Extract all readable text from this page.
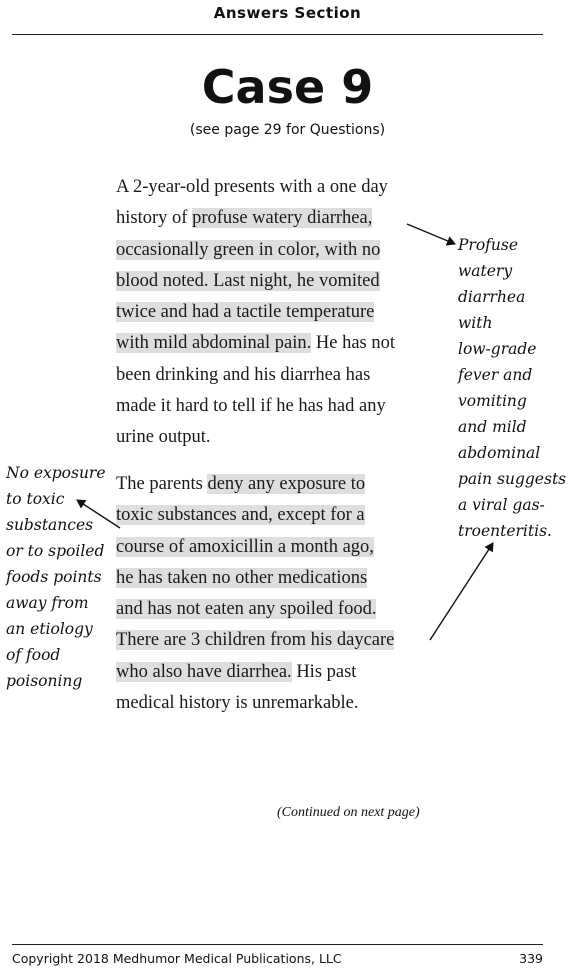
Answers Section
Case 9
(see page 29 for Questions)
A 2-year-old presents with a one day
history of profuse watery diarrhea,
occasionally green in color, with no
blood noted. Last night, he vomited
twice and had a tactile temperature
with mild abdominal pain. He has not
been drinking and his diarrhea has
made it hard to tell if he has had any
urine output.
The parents deny any exposure to
toxic substances and, except for a
course of amoxicillin a month ago,
he has taken no other medications
and has not eaten any spoiled food.
There are 3 children from his daycare
who also have diarrhea. His past
medical history is unremarkable.
Profuse
watery
diarrhea
with
low-grade
fever and
vomiting
and mild
abdominal
pain suggests
a viral gas-
troenteritis.
No exposure
to toxic
substances
or to spoiled
foods points
away from
an etiology
of food
poisoning
(Continued on next page)
Copyright 2018 Medhumor Medical Publications, LLC	339
